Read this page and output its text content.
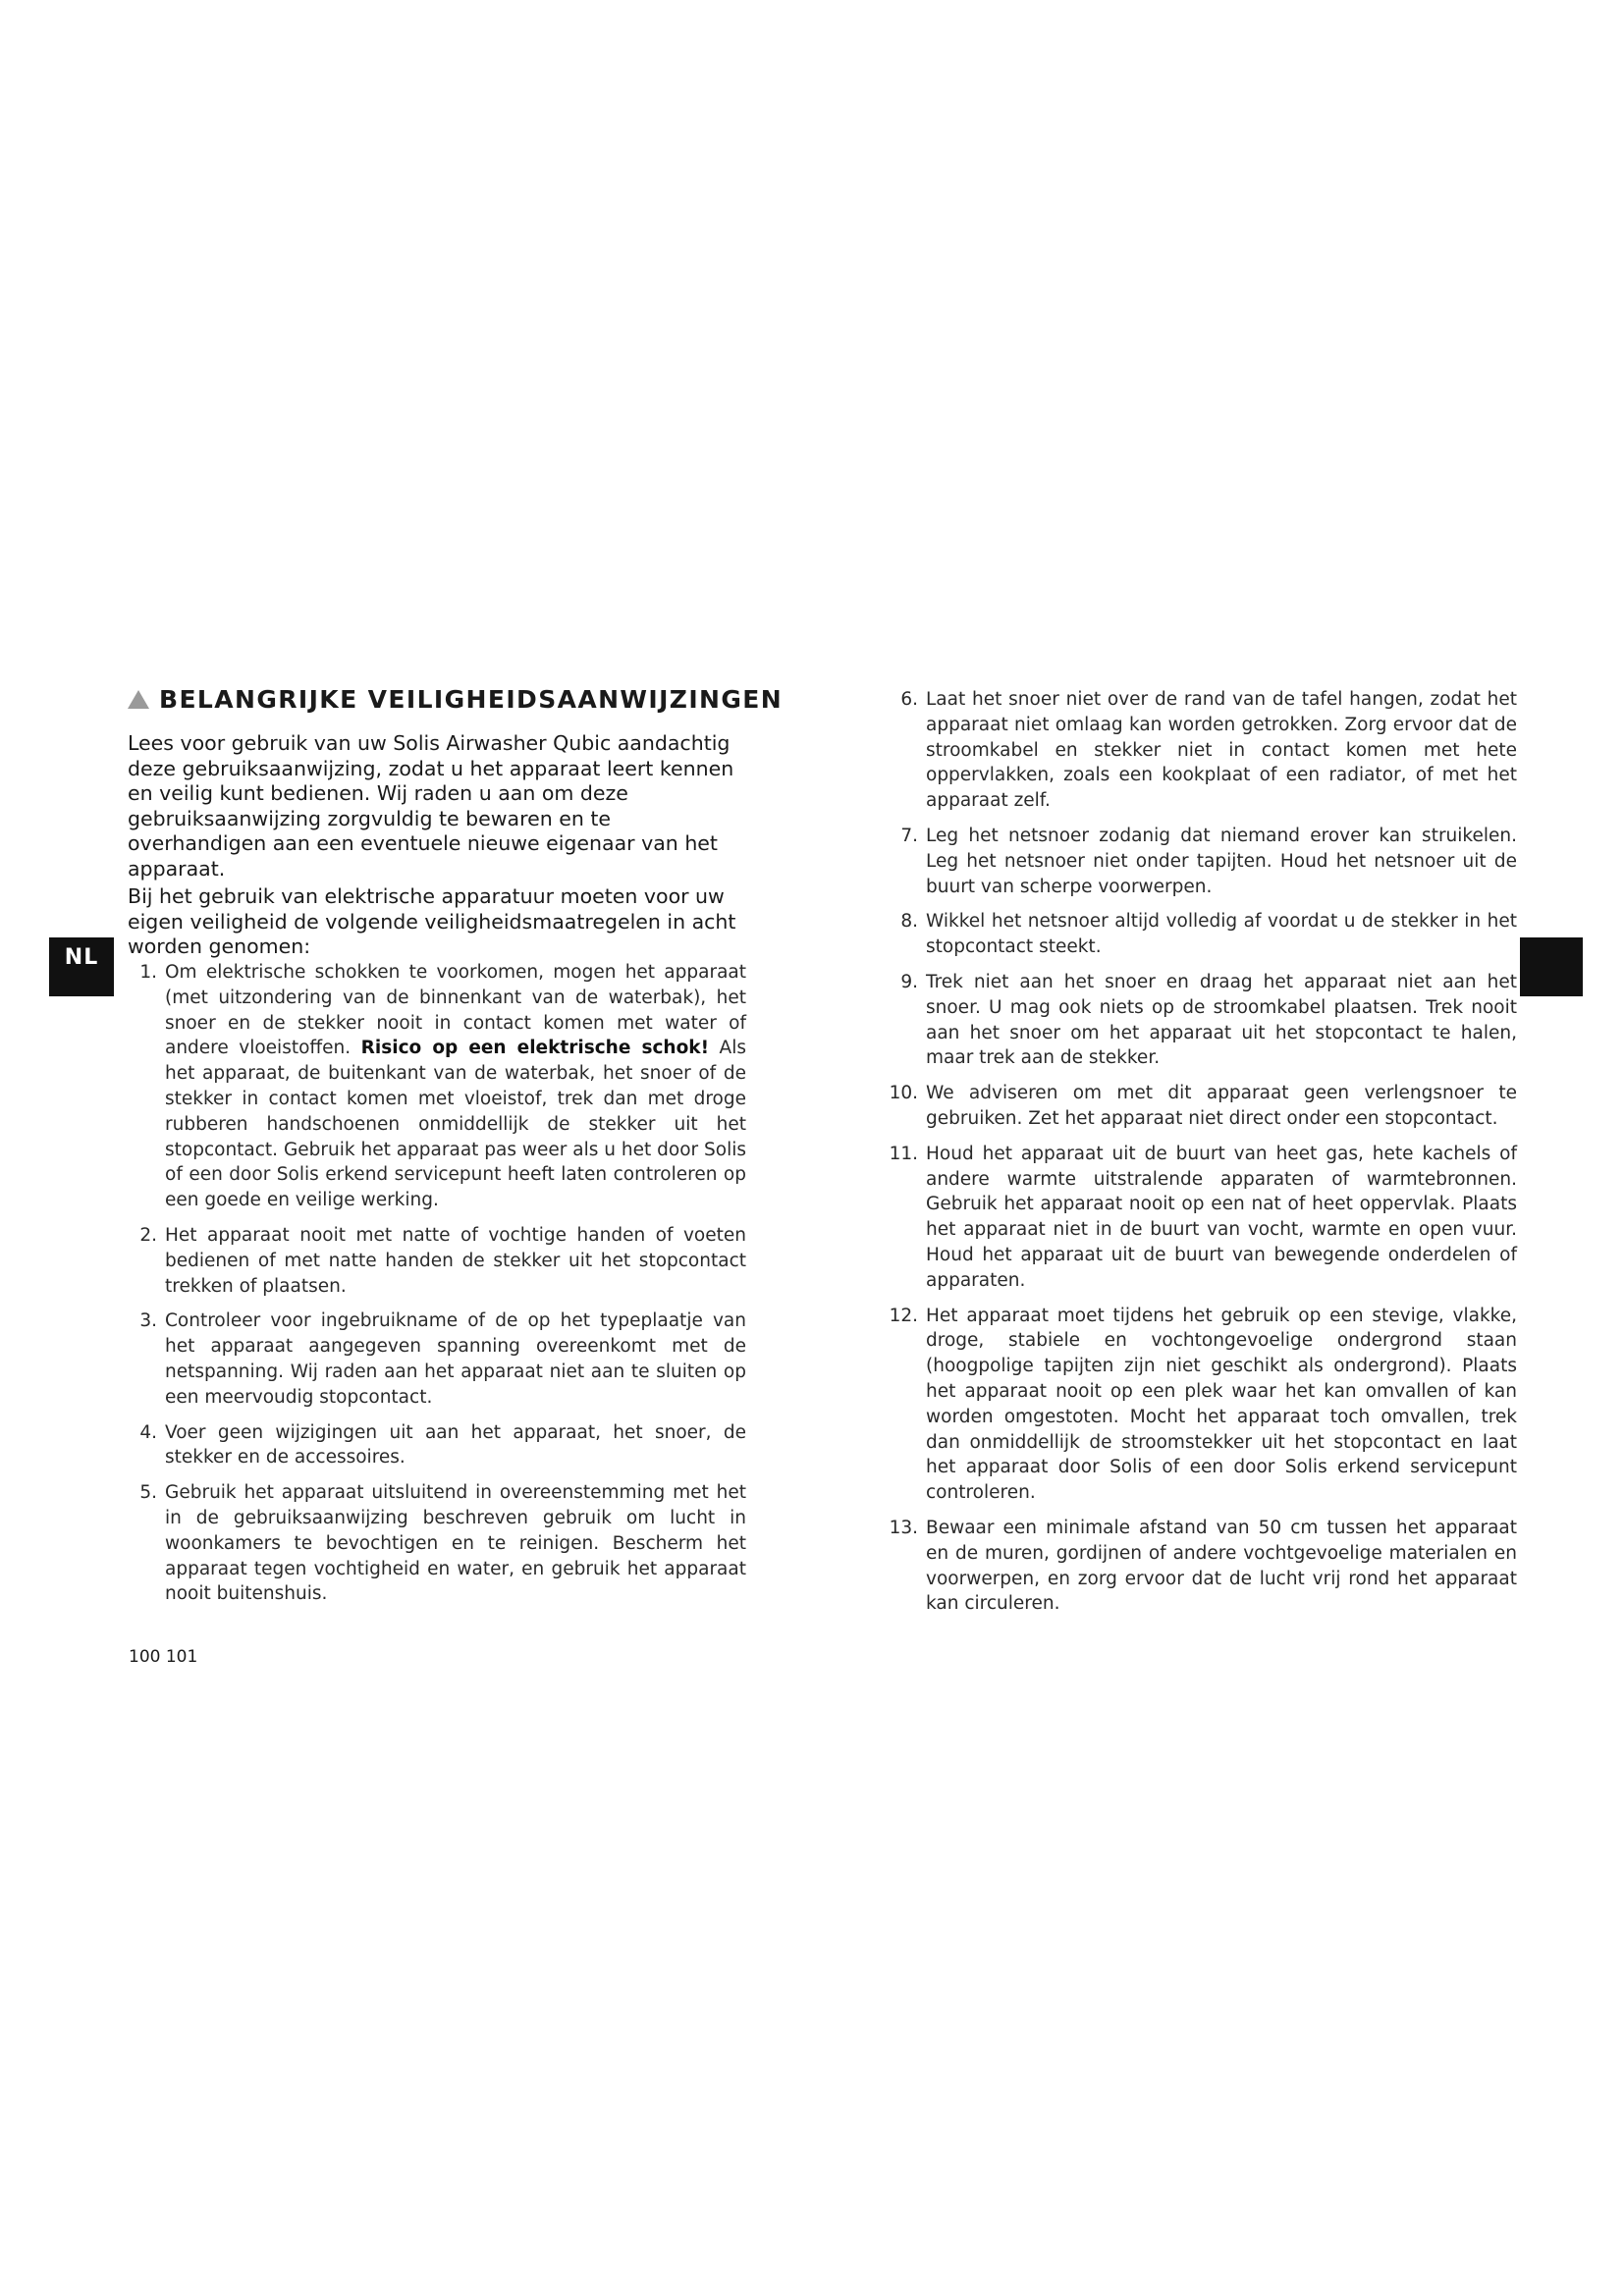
BELANGRIJKE VEILIGHEIDSAANWIJZINGEN

Lees voor gebruik van uw Solis Airwasher Qubic aandachtig deze gebruiksaanwijzing, zodat u het apparaat leert kennen en veilig kunt bedienen. Wij raden u aan om deze gebruiksaanwijzing zorgvuldig te bewaren en te overhandigen aan een eventuele nieuwe eigenaar van het apparaat.

Bij het gebruik van elektrische apparatuur moeten voor uw eigen veiligheid de volgende veiligheidsmaatregelen in acht worden genomen:

NL
1. Om elektrische schokken te voorkomen, mogen het apparaat (met uitzondering van de binnenkant van de waterbak), het snoer en de stekker nooit in contact komen met water of andere vloeistoffen. Risico op een elektrische schok! Als het apparaat, de buitenkant van de waterbak, het snoer of de stekker in contact komen met vloeistof, trek dan met droge rubberen handschoenen onmiddellijk de stekker uit het stopcontact. Gebruik het apparaat pas weer als u het door Solis of een door Solis erkend servicepunt heeft laten controleren op een goede en veilige werking.
2. Het apparaat nooit met natte of vochtige handen of voeten bedienen of met natte handen de stekker uit het stopcontact trekken of plaatsen.
3. Controleer voor ingebruikname of de op het typeplaatje van het apparaat aangegeven spanning overeenkomt met de netspanning. Wij raden aan het apparaat niet aan te sluiten op een meervoudig stopcontact.
4. Voer geen wijzigingen uit aan het apparaat, het snoer, de stekker en de accessoires.
5. Gebruik het apparaat uitsluitend in overeenstemming met het in de gebruiksaanwijzing beschreven gebruik om lucht in woonkamers te bevochtigen en te reinigen. Bescherm het apparaat tegen vochtigheid en water, en gebruik het apparaat nooit buitenshuis.
6. Laat het snoer niet over de rand van de tafel hangen, zodat het apparaat niet omlaag kan worden getrokken. Zorg ervoor dat de stroomkabel en stekker niet in contact komen met hete oppervlakken, zoals een kookplaat of een radiator, of met het apparaat zelf.
7. Leg het netsnoer zodanig dat niemand erover kan struikelen. Leg het netsnoer niet onder tapijten. Houd het netsnoer uit de buurt van scherpe voorwerpen.
8. Wikkel het netsnoer altijd volledig af voordat u de stekker in het stopcontact steekt.
9. Trek niet aan het snoer en draag het apparaat niet aan het snoer. U mag ook niets op de stroomkabel plaatsen. Trek nooit aan het snoer om het apparaat uit het stopcontact te halen, maar trek aan de stekker.
10. We adviseren om met dit apparaat geen verlengsnoer te gebruiken. Zet het apparaat niet direct onder een stopcontact.
11. Houd het apparaat uit de buurt van heet gas, hete kachels of andere warmte uitstralende apparaten of warmtebronnen. Gebruik het apparaat nooit op een nat of heet oppervlak. Plaats het apparaat niet in de buurt van vocht, warmte en open vuur. Houd het apparaat uit de buurt van bewegende onderdelen of apparaten.
12. Het apparaat moet tijdens het gebruik op een stevige, vlakke, droge, stabiele en vochtongevoelige ondergrond staan (hoogpolige tapijten zijn niet geschikt als ondergrond). Plaats het apparaat nooit op een plek waar het kan omvallen of kan worden omgestoten. Mocht het apparaat toch omvallen, trek dan onmiddellijk de stroomstekker uit het stopcontact en laat het apparaat door Solis of een door Solis erkend servicepunt controleren.
13. Bewaar een minimale afstand van 50 cm tussen het apparaat en de muren, gordijnen of andere vochtgevoelige materialen en voorwerpen, en zorg ervoor dat de lucht vrij rond het apparaat kan circuleren.
100 101
